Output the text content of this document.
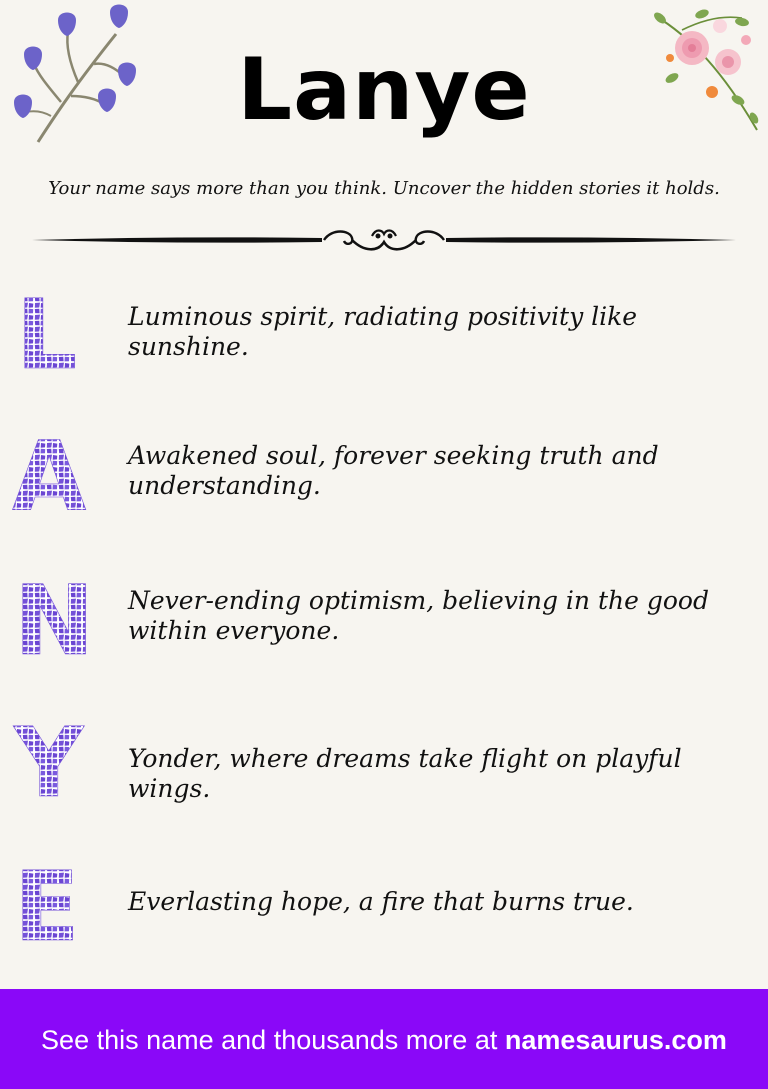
Lanye
Your name says more than you think. Uncover the hidden stories it holds.
L Luminous spirit, radiating positivity like sunshine.
A Awakened soul, forever seeking truth and understanding.
N Never-ending optimism, believing in the good within everyone.
Y Yonder, where dreams take flight on playful wings.
E Everlasting hope, a fire that burns true.
See this name and thousands more at namesaurus.com
